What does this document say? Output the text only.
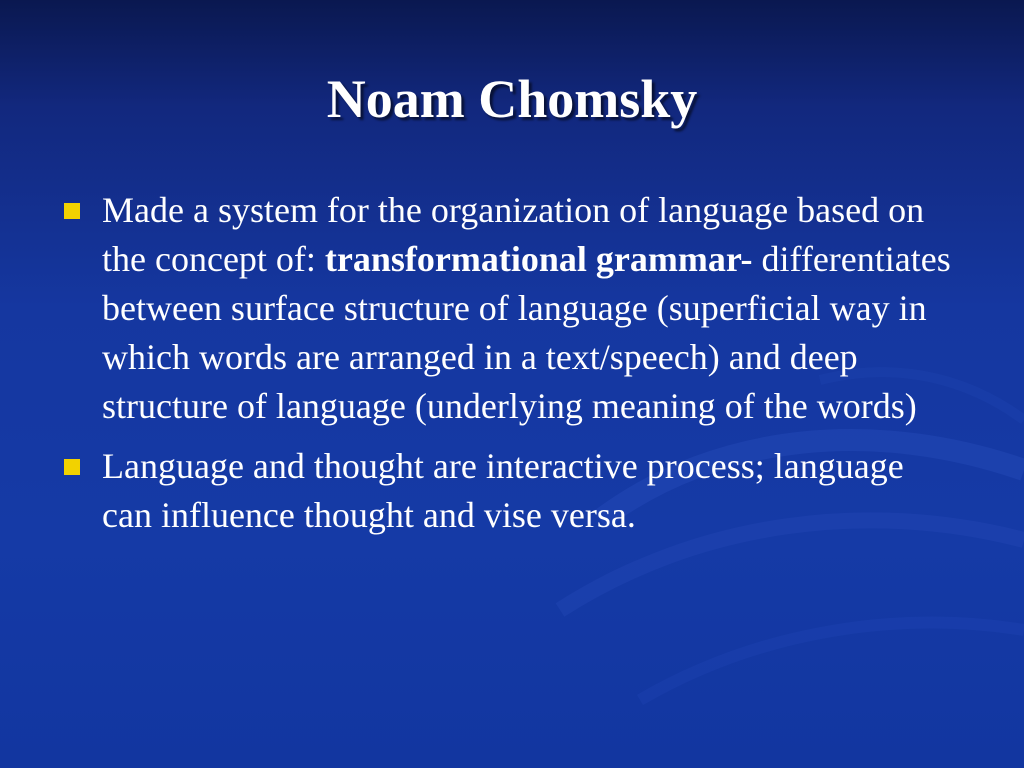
Noam Chomsky
Made a system for the organization of language based on the concept of: transformational grammar- differentiates between surface structure of language (superficial way in which words are arranged in a text/speech) and deep structure of language (underlying meaning of the words)
Language and thought are interactive process; language can influence thought and vise versa.
